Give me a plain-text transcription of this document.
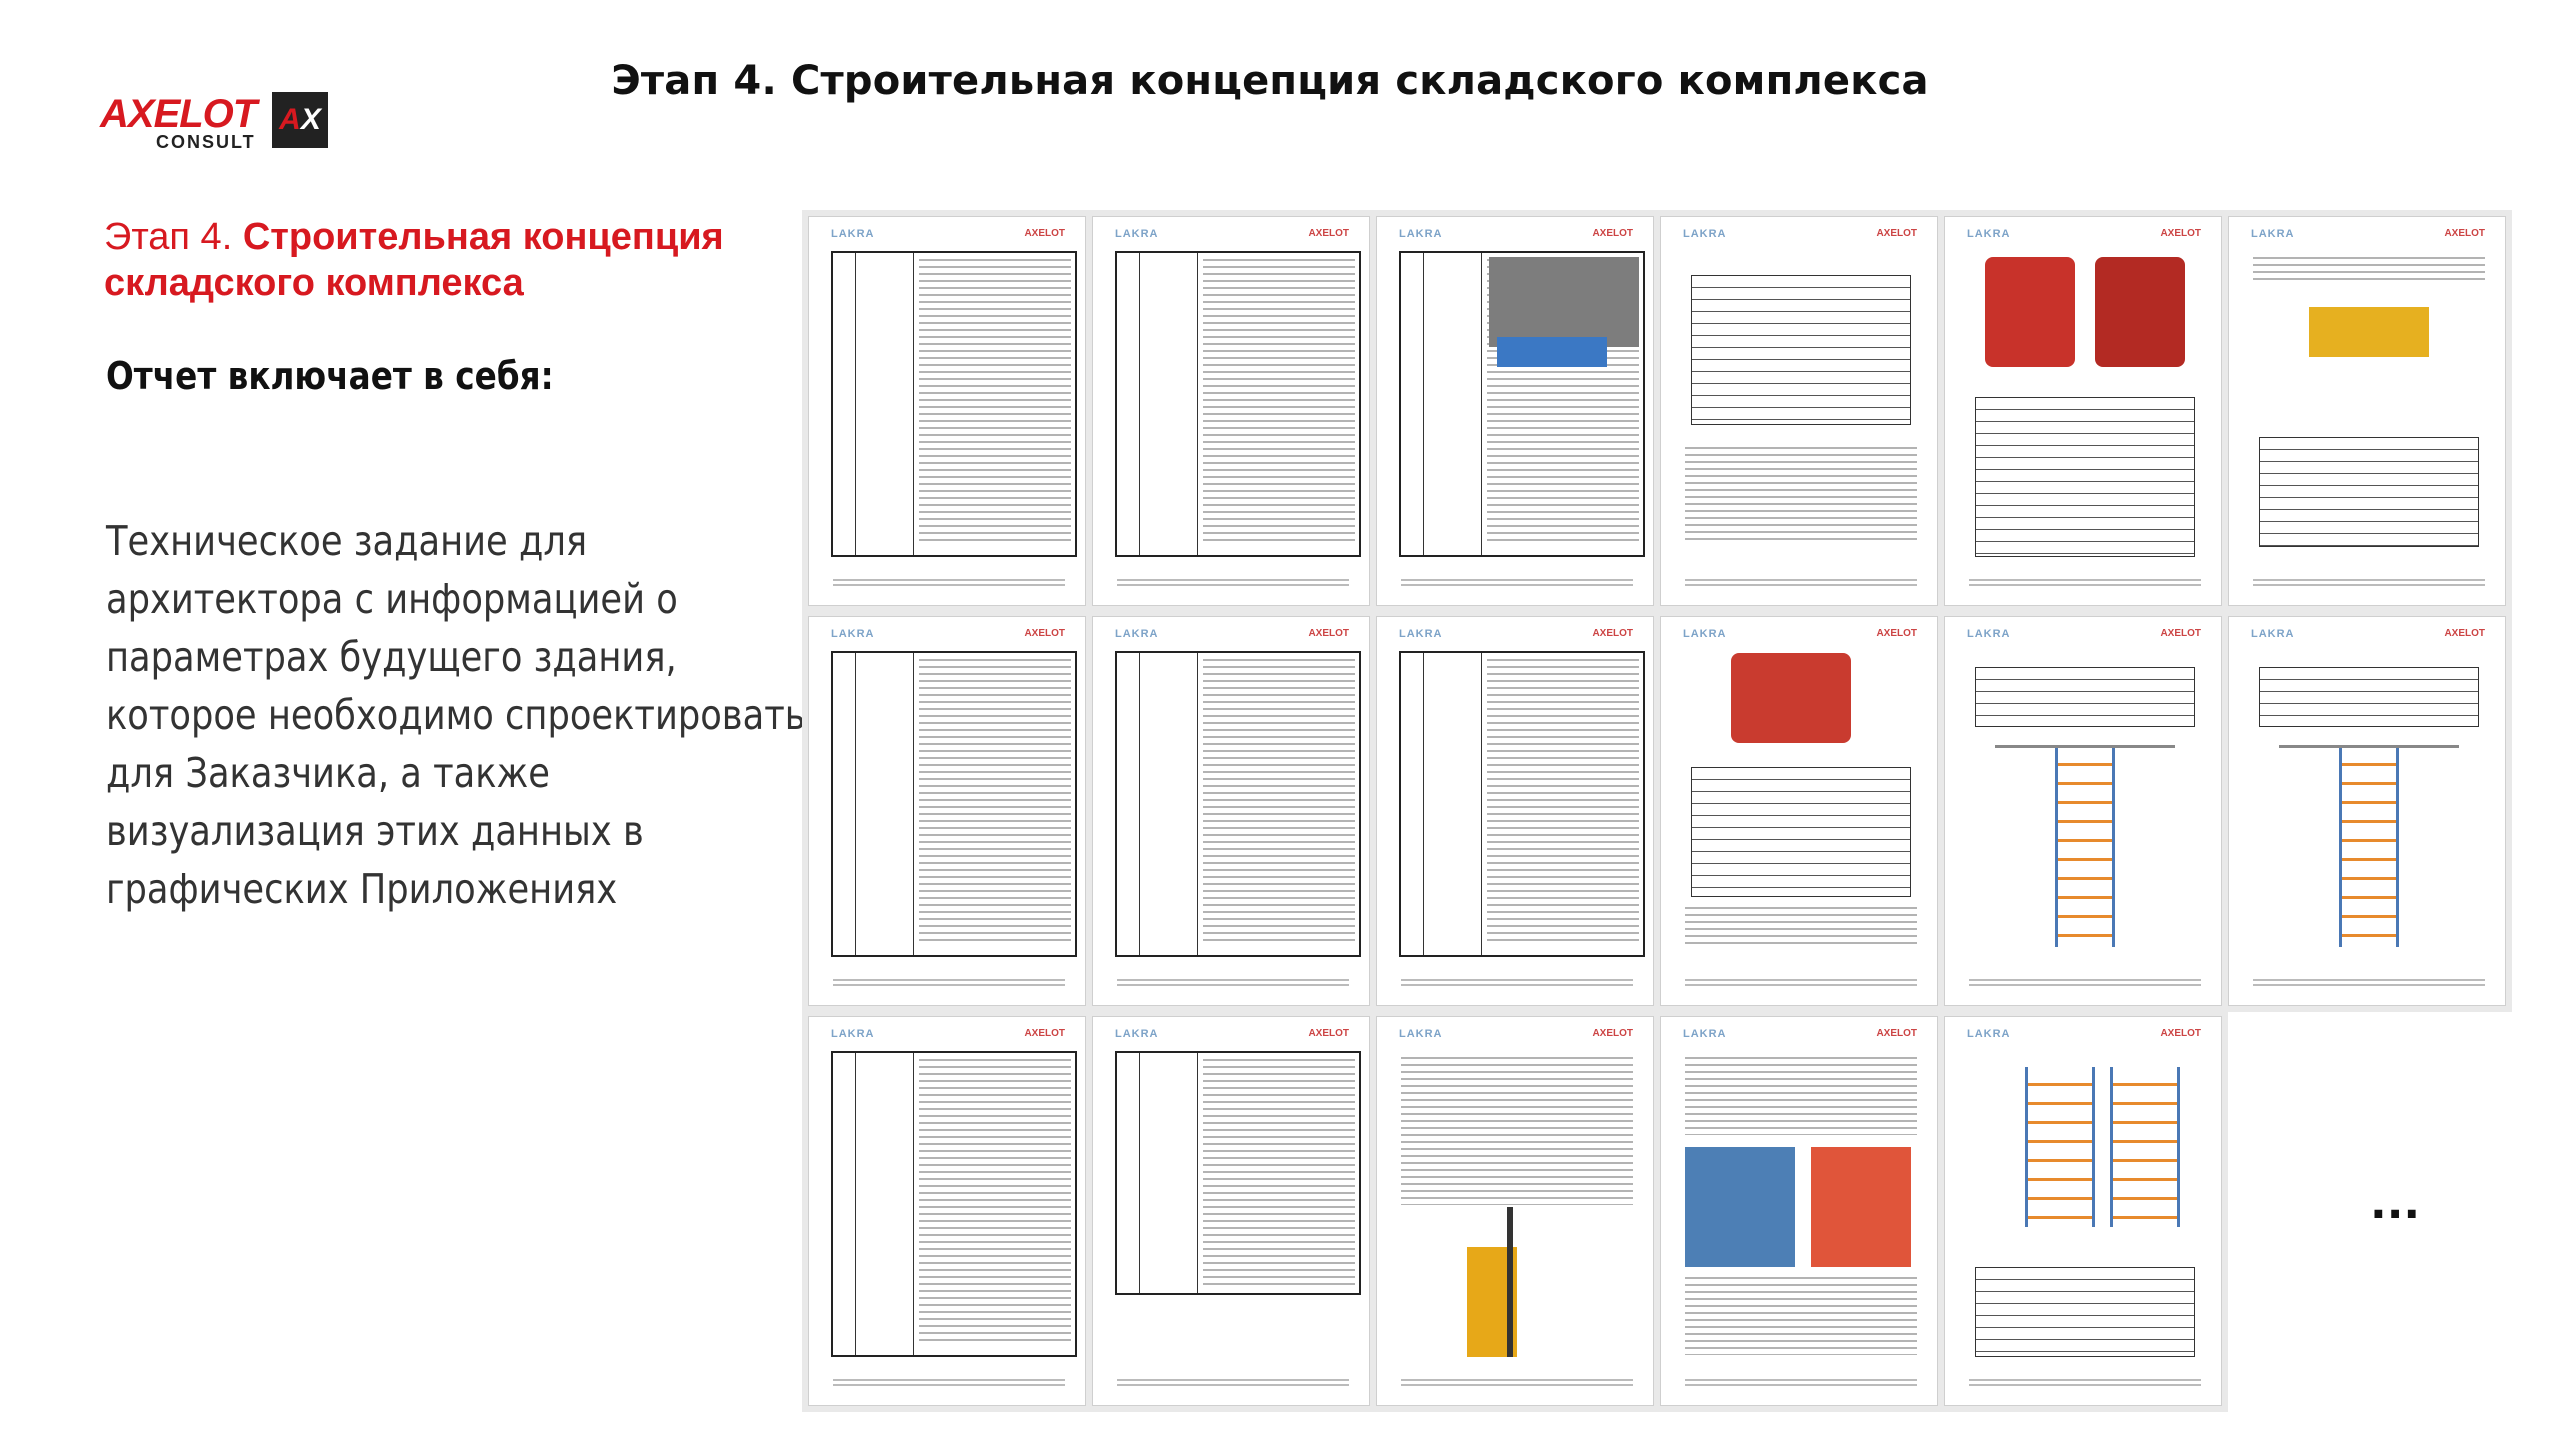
Этап 4. Строительная концепция складского комплекса
AXELOT
CONSULT
A X
Этап 4. Строительная концепция
складского комплекса
Отчет включает в себя:
Техническое задание для архитектора с информацией о параметрах будущего здания, которое необходимо спроектировать для Заказчика, а также визуализация этих данных в графических Приложениях
LAKRA	AXELOT	LAKRA	AXELOT	LAKRA	AXELOT	LAKRA	AXELOT	LAKRA	AXELOT	LAKRA	AXELOT
LAKRA	AXELOT	LAKRA	AXELOT	LAKRA	AXELOT	LAKRA	AXELOT	LAKRA	AXELOT	LAKRA	AXELOT
LAKRA	AXELOT	LAKRA	AXELOT	LAKRA	AXELOT	LAKRA	AXELOT	LAKRA	AXELOT
...
